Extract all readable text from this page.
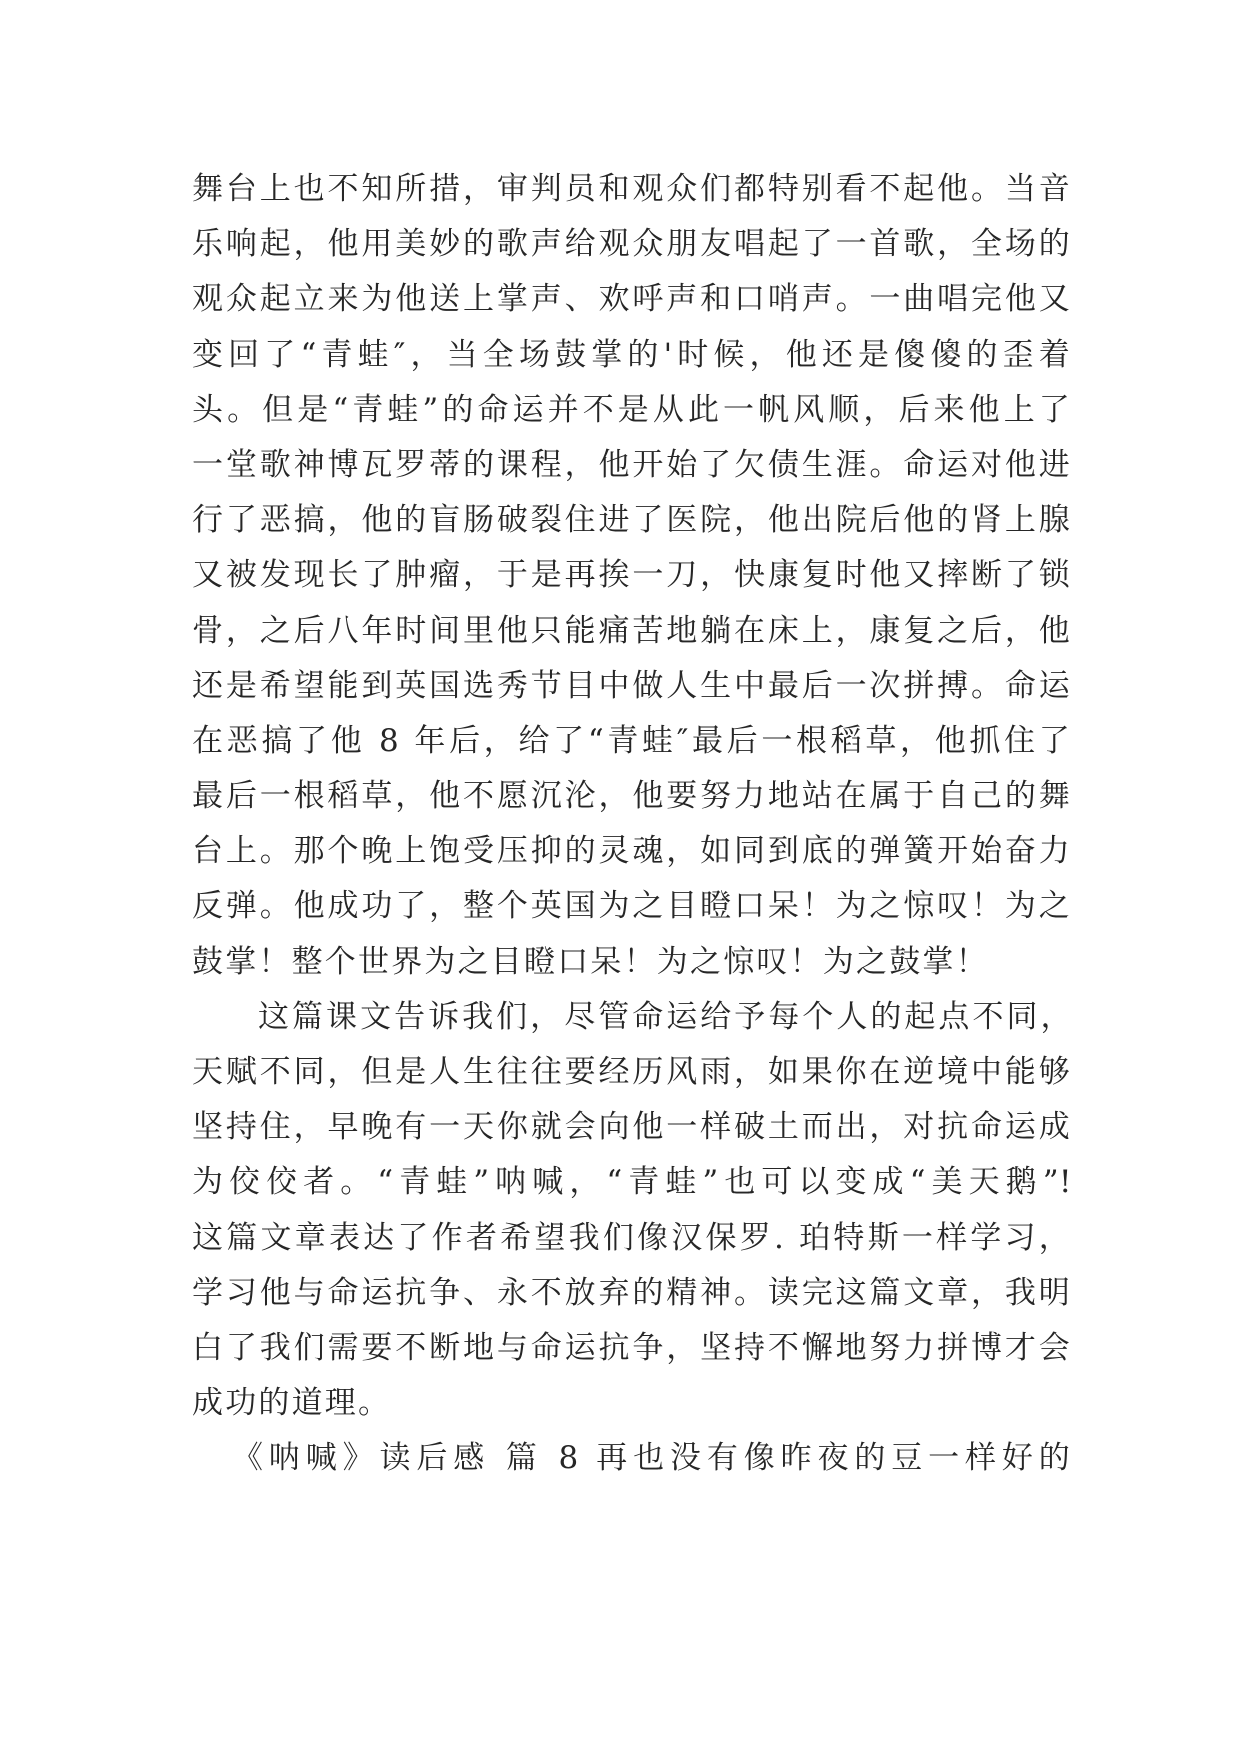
舞台上也不知所措，审判员和观众们都特别看不起他。当音
乐响起，他用美妙的歌声给观众朋友唱起了一首歌，全场的
观众起立来为他送上掌声、欢呼声和口哨声。一曲唱完他又
变回了“青蛙″，当全场鼓掌的'时候，他还是傻傻的歪着
头。但是“青蛙”的命运并不是从此一帆风顺，后来他上了
一堂歌神博瓦罗蒂的课程，他开始了欠债生涯。命运对他进
行了恶搞，他的盲肠破裂住进了医院，他出院后他的肾上腺
又被发现长了肿瘤，于是再挨一刀，快康复时他又摔断了锁
骨，之后八年时间里他只能痛苦地躺在床上，康复之后，他
还是希望能到英国选秀节目中做人生中最后一次拼搏。命运
在恶搞了他 8 年后，给了“青蛙″最后一根稻草，他抓住了
最后一根稻草，他不愿沉沦，他要努力地站在属于自己的舞
台上。那个晚上饱受压抑的灵魂，如同到底的弹簧开始奋力
反弹。他成功了，整个英国为之目瞪口呆！为之惊叹！为之
鼓掌！整个世界为之目瞪口呆！为之惊叹！为之鼓掌！
这篇课文告诉我们，尽管命运给予每个人的起点不同，
天赋不同，但是人生往往要经历风雨，如果你在逆境中能够
坚持住，早晚有一天你就会向他一样破土而出，对抗命运成
为佼佼者。“青蛙”呐喊，“青蛙”也可以变成“美天鹅”!
这篇文章表达了作者希望我们像汉保罗. 珀特斯一样学习，
学习他与命运抗争、永不放弃的精神。读完这篇文章，我明
白了我们需要不断地与命运抗争，坚持不懈地努力拼博才会
成功的道理。
《呐喊》读后感 篇 8 再也没有像昨夜的豆一样好的
